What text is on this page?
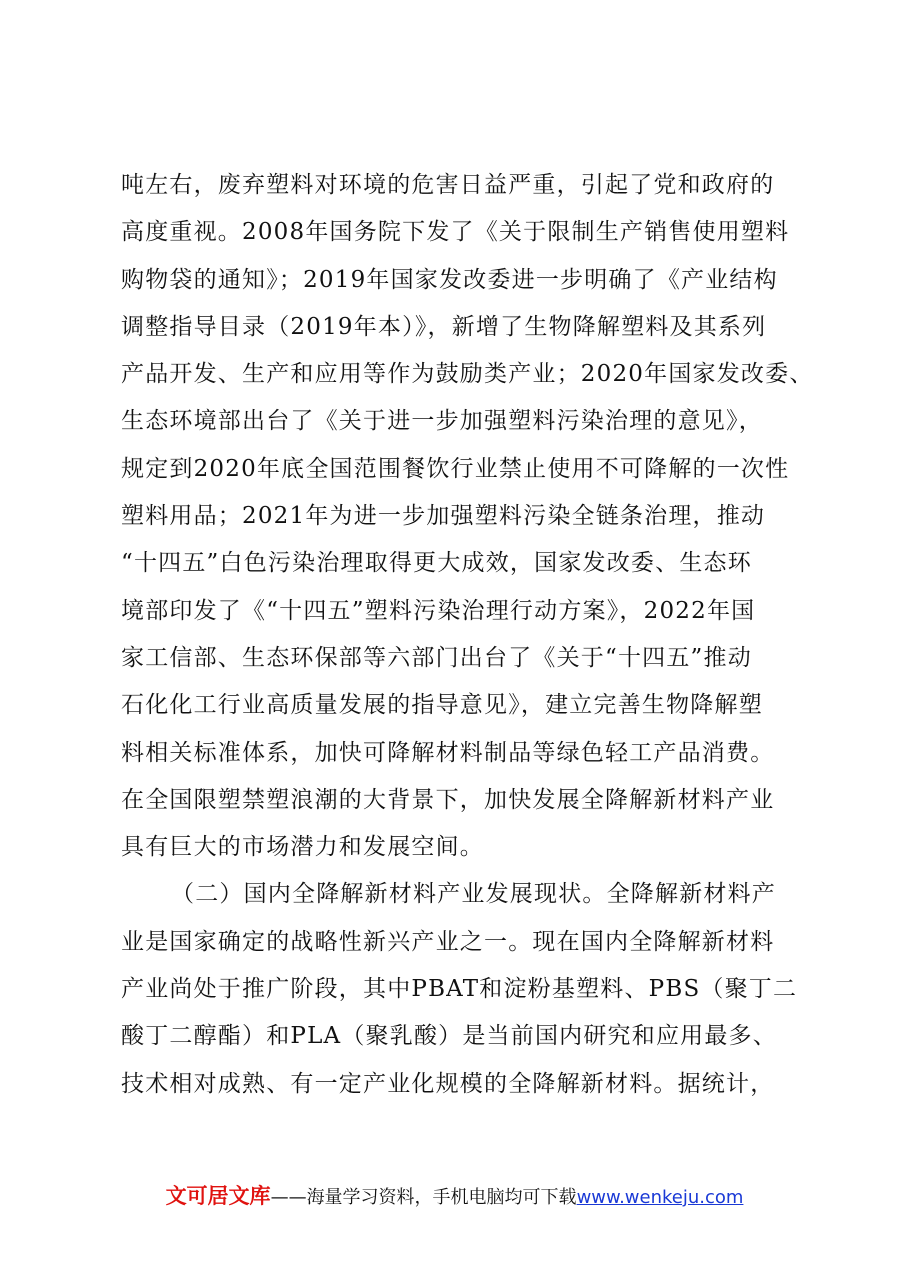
吨左右，废弃塑料对环境的危害日益严重，引起了党和政府的
高度重视。2008年国务院下发了《关于限制生产销售使用塑料
购物袋的通知》；2019年国家发改委进一步明确了《产业结构
调整指导目录（2019年本）》，新增了生物降解塑料及其系列
产品开发、生产和应用等作为鼓励类产业；2020年国家发改委、
生态环境部出台了《关于进一步加强塑料污染治理的意见》，
规定到2020年底全国范围餐饮行业禁止使用不可降解的一次性
塑料用品；2021年为进一步加强塑料污染全链条治理，推动
“十四五”白色污染治理取得更大成效，国家发改委、生态环
境部印发了《“十四五”塑料污染治理行动方案》，2022年国
家工信部、生态环保部等六部门出台了《关于“十四五”推动
石化化工行业高质量发展的指导意见》，建立完善生物降解塑
料相关标准体系，加快可降解材料制品等绿色轻工产品消费。
在全国限塑禁塑浪潮的大背景下，加快发展全降解新材料产业
具有巨大的市场潜力和发展空间。
（二）国内全降解新材料产业发展现状。全降解新材料产
业是国家确定的战略性新兴产业之一。现在国内全降解新材料
产业尚处于推广阶段，其中PBAT和淀粉基塑料、PBS（聚丁二
酸丁二醇酯）和PLA（聚乳酸）是当前国内研究和应用最多、
技术相对成熟、有一定产业化规模的全降解新材料。据统计，
文可居文库——海量学习资料，手机电脑均可下载www.wenkeju.com
